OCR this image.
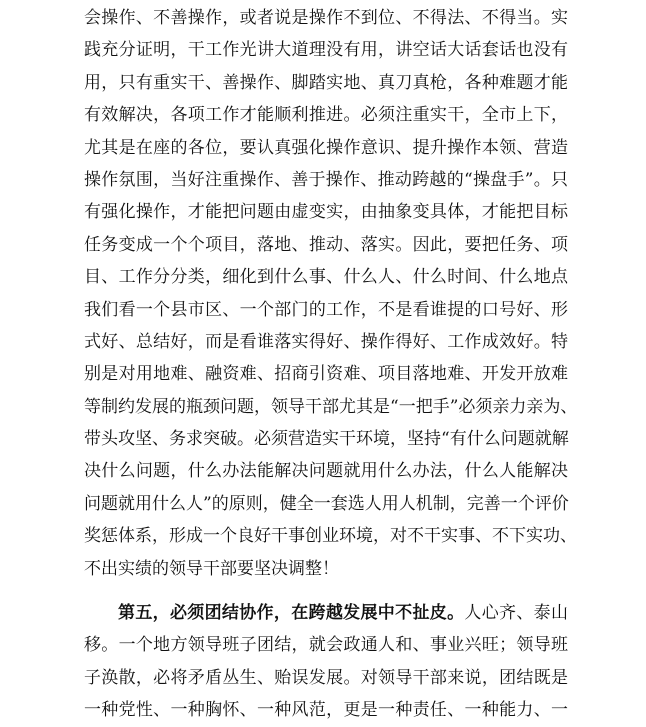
会操作、不善操作，或者说是操作不到位、不得法、不得当。实
践充分证明，干工作光讲大道理没有用，讲空话大话套话也没有
用，只有重实干、善操作、脚踏实地、真刀真枪，各种难题才能
有效解决，各项工作才能顺利推进。必须注重实干，全市上下，
尤其是在座的各位，要认真强化操作意识、提升操作本领、营造
操作氛围，当好注重操作、善于操作、推动跨越的“操盘手”。只
有强化操作，才能把问题由虚变实，由抽象变具体，才能把目标
任务变成一个个项目，落地、推动、落实。因此，要把任务、项
目、工作分分类，细化到什么事、什么人、什么时间、什么地点
我们看一个县市区、一个部门的工作，不是看谁提的口号好、形
式好、总结好，而是看谁落实得好、操作得好、工作成效好。特
别是对用地难、融资难、招商引资难、项目落地难、开发开放难
等制约发展的瓶颈问题，领导干部尤其是“一把手”必须亲力亲为、
带头攻坚、务求突破。必须营造实干环境，坚持“有什么问题就解
决什么问题，什么办法能解决问题就用什么办法，什么人能解决
问题就用什么人”的原则，健全一套选人用人机制，完善一个评价
奖惩体系，形成一个良好干事创业环境，对不干实事、不下实功、
不出实绩的领导干部要坚决调整！
第五，必须团结协作，在跨越发展中不扯皮。人心齐、泰山
移。一个地方领导班子团结，就会政通人和、事业兴旺；领导班
子涣散，必将矛盾丛生、贻误发展。对领导干部来说，团结既是
一种党性、一种胸怀、一种风范，更是一种责任、一种能力、一
